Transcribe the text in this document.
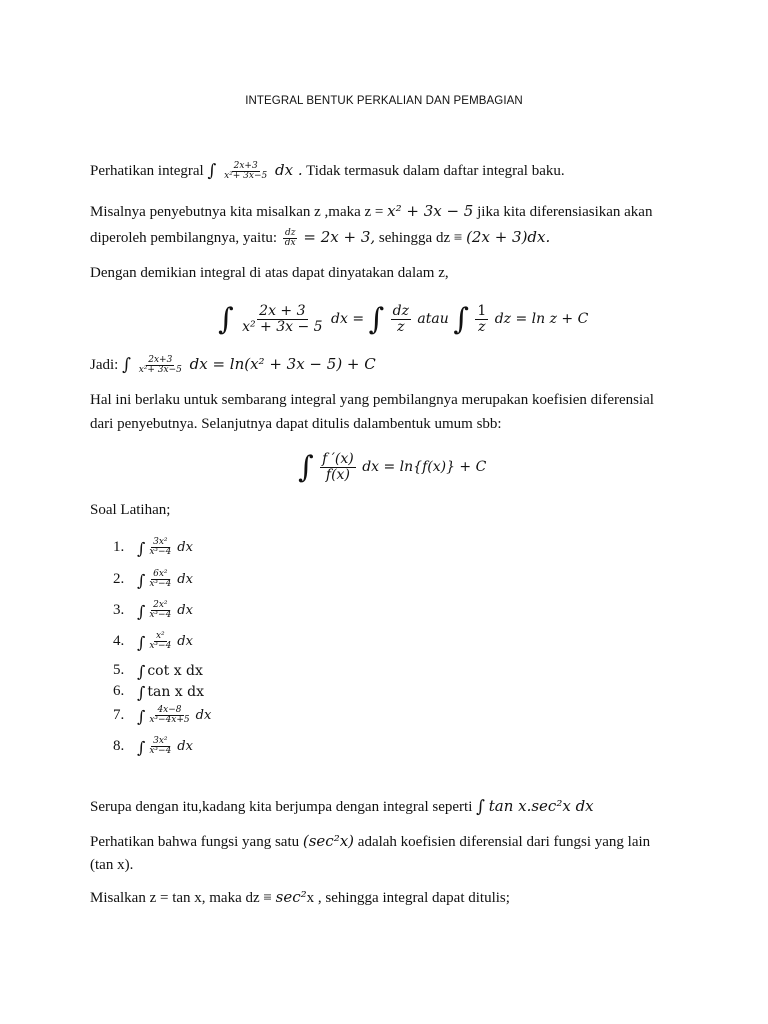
INTEGRAL BENTUK PERKALIAN DAN PEMBAGIAN
Perhatikan integral ∫ $\frac{2x+3}{\text{x²+ 3x−5}}$ dx . Tidak termasuk dalam daftar integral baku.
Misalnya penyebutnya kita misalkan z ,maka z = x² + 3x − 5 jika kita diferensiasikan akan
diperoleh pembilangnya, yaitu: $\frac{dz}{dx} = 2x + 3$, sehingga dz ≡ (2x + 3)dx.
Dengan demikian integral di atas dapat dinyatakan dalam z,
∫ $\frac{2x + 3}{\text{x² + 3x − 5}}$ dx = ∫ $\frac{dz}{z}$ atau ∫ $\frac{1}{z}$ dz = ln z + C
Jadi: ∫ $\frac{2x+3}{\text{x²+ 3x−5}}$ dx = ln(x² + 3x − 5) + C
Hal ini berlaku untuk sembarang integral yang pembilangnya merupakan koefisien diferensial
dari penyebutnya. Selanjutnya dapat ditulis dalambentuk umum sbb:
∫ $\frac{f '(x)}{f(x)}$ dx = ln{f(x)} + C
Soal Latihan;
1. ∫ $\frac{\text{3x²}}{\text{x³−4}}$ dx
2. ∫ $\frac{\text{6x²}}{\text{x³−4}}$ dx
3. ∫ $\frac{\text{2x²}}{\text{x³−4}}$ dx
4. ∫ $\frac{\text{x²}}{\text{x³−4}}$ dx
5. ∫ cot x dx
6. ∫ tan x dx
7. ∫ $\frac{4x-8}{\text{x³−4x+5}}$ dx
8. ∫ $\frac{\text{3x²}}{\text{x³−4}}$ dx
Serupa dengan itu,kadang kita berjumpa dengan integral seperti ∫ tan x.sec²x dx
Perhatikan bahwa fungsi yang satu (sec²x) adalah koefisien diferensial dari fungsi yang lain
(tan x).
Misalkan z = tan x, maka dz ≡ sec²x , sehingga integral dapat ditulis;
